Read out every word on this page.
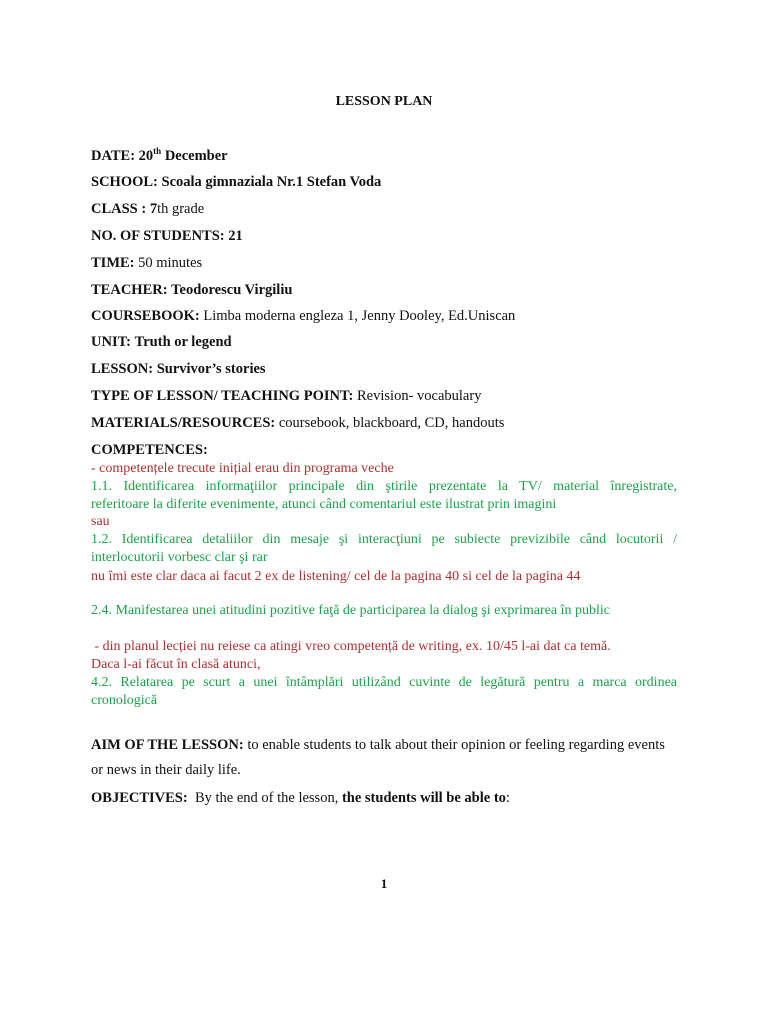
LESSON PLAN
DATE: 20th December
SCHOOL: Scoala gimnaziala Nr.1 Stefan Voda
CLASS : 7th grade
NO. OF STUDENTS: 21
TIME: 50 minutes
TEACHER: Teodorescu Virgiliu
COURSEBOOK: Limba moderna engleza 1, Jenny Dooley, Ed.Uniscan
UNIT: Truth or legend
LESSON: Survivor’s stories
TYPE OF LESSON/ TEACHING POINT: Revision- vocabulary
MATERIALS/RESOURCES: coursebook, blackboard, CD, handouts
COMPETENCES:
- competențele trecute inițial erau din programa veche
1.1. Identificarea informaţiilor principale din ştirile prezentate la TV/ material înregistrate,
referitoare la diferite evenimente, atunci când comentariul este ilustrat prin imagini
sau
1.2. Identificarea detaliilor din mesaje şi interacţiuni pe subiecte previzibile când locutorii /
interlocutorii vorbesc clar şi rar
nu îmi este clar daca ai facut 2 ex de listening/ cel de la pagina 40 si cel de la pagina 44
2.4. Manifestarea unei atitudini pozitive faţă de participarea la dialog şi exprimarea în public
- din planul lecției nu reiese ca atingi vreo competență de writing, ex. 10/45 l-ai dat ca temă.
Daca l-ai făcut în clasă atunci,
4.2. Relatarea pe scurt a unei întâmplări utilizând cuvinte de legătură pentru a marca ordinea
cronologică
AIM OF THE LESSON: to enable students to talk about their opinion or feeling regarding events or news in their daily life.
OBJECTIVES: By the end of the lesson, the students will be able to:
1
